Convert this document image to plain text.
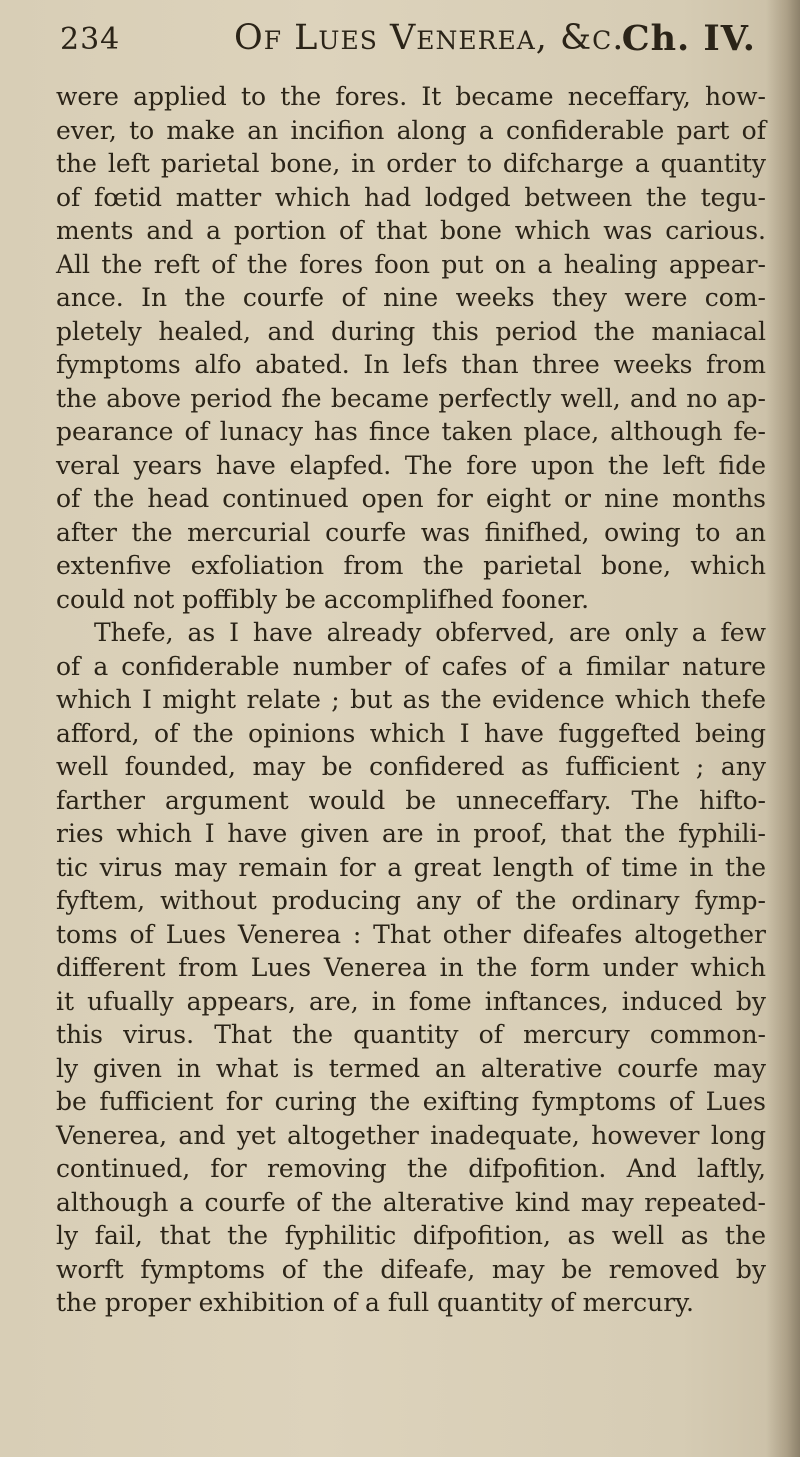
234	Of Lues Venerea, &c.
Ch. IV.
were applied to the fores. It became neceffary, how-
ever, to make an incifion along a confiderable part of
the left parietal bone, in order to difcharge a quantity
of fœtid matter which had lodged between the tegu-
ments and a portion of that bone which was carious.
All the reft of the fores foon put on a healing appear-
ance. In the courfe of nine weeks they were com-
pletely healed, and during this period the maniacal
fymptoms alfo abated. In lefs than three weeks from
the above period fhe became perfectly well, and no ap-
pearance of lunacy has fince taken place, although fe-
veral years have elapfed. The fore upon the left fide
of the head continued open for eight or nine months
after the mercurial courfe was finifhed, owing to an
extenfive exfoliation from the parietal bone, which
could not poffibly be accomplifhed fooner.
Thefe, as I have already obferved, are only a few
of a confiderable number of cafes of a fimilar nature
which I might relate ; but as the evidence which thefe
afford, of the opinions which I have fuggefted being
well founded, may be confidered as fufficient ; any
farther argument would be unneceffary. The hifto-
ries which I have given are in proof, that the fyphili-
tic virus may remain for a great length of time in the
fyftem, without producing any of the ordinary fymp-
toms of Lues Venerea : That other difeafes altogether
different from Lues Venerea in the form under which
it ufually appears, are, in fome inftances, induced by
this virus. That the quantity of mercury common-
ly given in what is termed an alterative courfe may
be fufficient for curing the exifting fymptoms of Lues
Venerea, and yet altogether inadequate, however long
continued, for removing the difpofition. And laftly,
although a courfe of the alterative kind may repeated-
ly fail, that the fyphilitic difpofition, as well as the
worft fymptoms of the difeafe, may be removed by
the proper exhibition of a full quantity of mercury.
